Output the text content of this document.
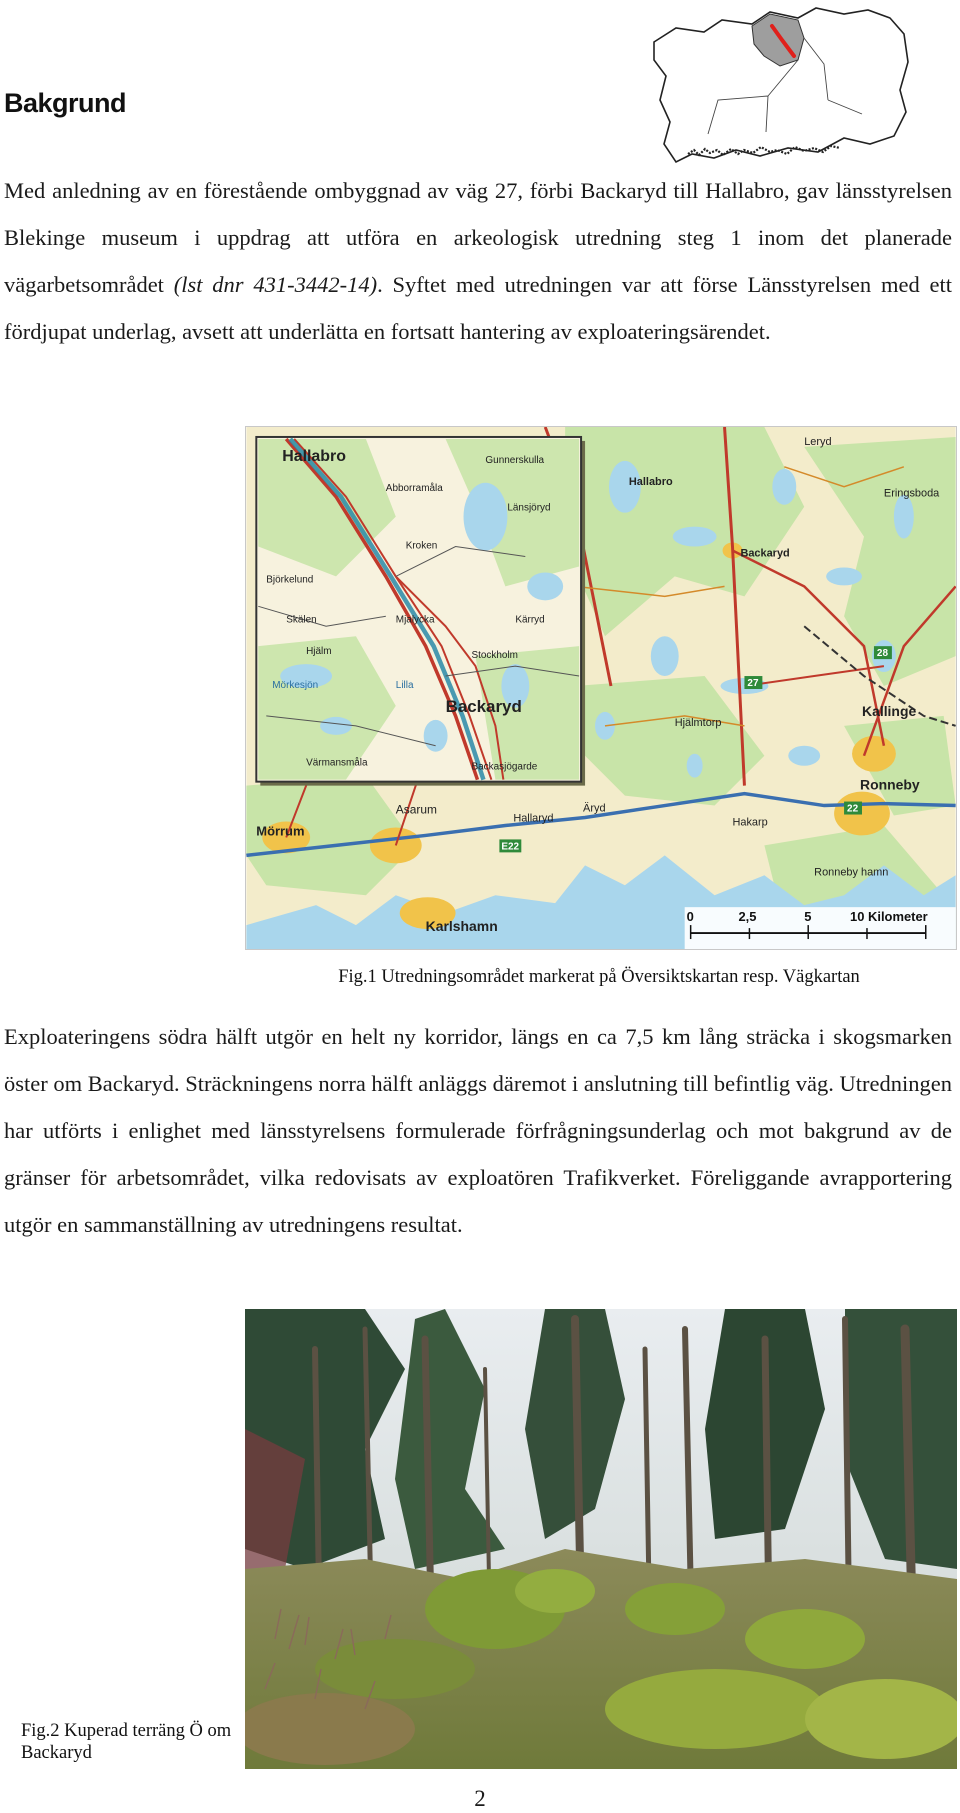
Bakgrund

Med anledning av en förestående ombyggnad av väg 27, förbi Backaryd till Hallabro, gav länsstyrelsen Blekinge museum i uppdrag att utföra en arkeologisk utredning steg 1 inom det planerade vägarbetsområdet (lst dnr 431-3442-14). Syftet med utredningen var att förse Länsstyrelsen med ett fördjupat underlag, avsett att underlätta en fortsatt hantering av exploateringsärendet.

Hallabro
Leryd
Backaryd
Kallinge
Ronneby
Mörrum
Asarum
Karlshamn
Äryd
Hallaryd	Hakarp
Ronneby hamn
Hjälmtorp
Eringsboda
27
28
22
E22
Hallabro
Abborramåla
Gunnerskulla
Länsjöryd
Kroken
Björkelund
Skälen
Hjälm
Mjalycka	Kärryd
Stockholm
Backaryd
Värmansmåla	Backasjögarde
Mörkesjön	Lilla
0	2,5	5	10 Kilometer

Fig.1 Utredningsområdet markerat på Översiktskartan resp. Vägkartan

Exploateringens södra hälft utgör en helt ny korridor, längs en ca 7,5 km lång sträcka i skogsmarken öster om Backaryd. Sträckningens norra hälft anläggs däremot i anslutning till befintlig väg. Utredningen har utförts i enlighet med länsstyrelsens formulerade förfrågningsunderlag och mot bakgrund av de gränser för arbetsområdet, vilka redovisats av exploatören Trafikverket. Föreliggande avrapportering utgör en sammanställning av utredningens resultat.

Fig.2 Kuperad terräng Ö om Backaryd

2
